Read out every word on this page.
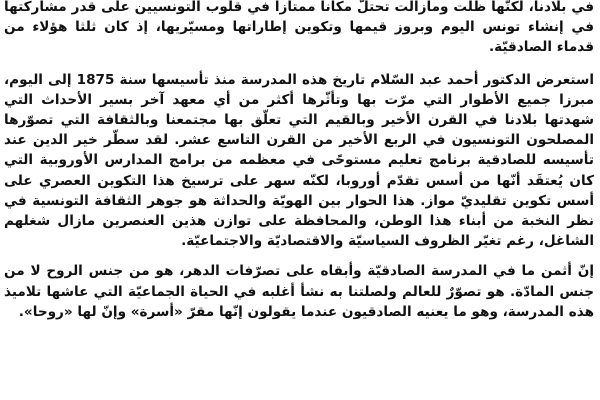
في بلادنا، لكنّها ظلّت ومازالت تحتلّ مكانا ممتازا في قلوب التونسيين على قدر مشاركتها في إنشاء تونس اليوم وبروز قيمها وتكوين إطاراتها ومسيّريها، إذ كان ثلثا هؤلاء من قدماء الصادقيّة.

استعرض الدكتور أحمد عبد السّلام تاريخ هذه المدرسة منذ تأسيسها سنة 1875 إلى اليوم، مبرزا جميع الأطوار التي مرّت بها وتأثّرها أكثر من أي معهد آخر بسير الأحداث التي شهدتها بلادنا في القرن الأخير وبالقيم التي تعلّق بها مجتمعنا وبالثقافة التي تصوّرها المصلحون التونسيون في الربع الأخير من القرن التاسع عشر. لقد سطّر خير الدين عند تأسيسه للصادقية برنامج تعليم مستوحًى في معظمه من برامج المدارس الأوروبية التي كان يُعتقَد أنّها من أسس تقدّم أوروبا، لكنّه سهر على ترسيخ هذا التكوين العصري على أسس تكوين تقليديّ مواز. هذا الحوار بين الهويّة والحداثة هو جوهر الثقافة التونسية في نظر النخبة من أبناء هذا الوطن، والمحافظة على توازن هذين العنصرين مازال شغلهم الشاغل، رغم تغيّر الظروف السياسيّة والاقتصاديّة والاجتماعيّة.

إنّ أثمن ما في المدرسة الصادقيّة وأبقاه على تصرّفات الدهر، هو من جنس الروح لا من جنس المادّة. هو تصوّرٌ للعالم ولصلتنا به نشأ أغلبه في الحياة الجماعيّة التي عاشها تلاميذ هذه المدرسة، وهو ما يعنيه الصادقيون عندما يقولون إنّها مقرّ «أسرة» وإنّ لها «روحا».
